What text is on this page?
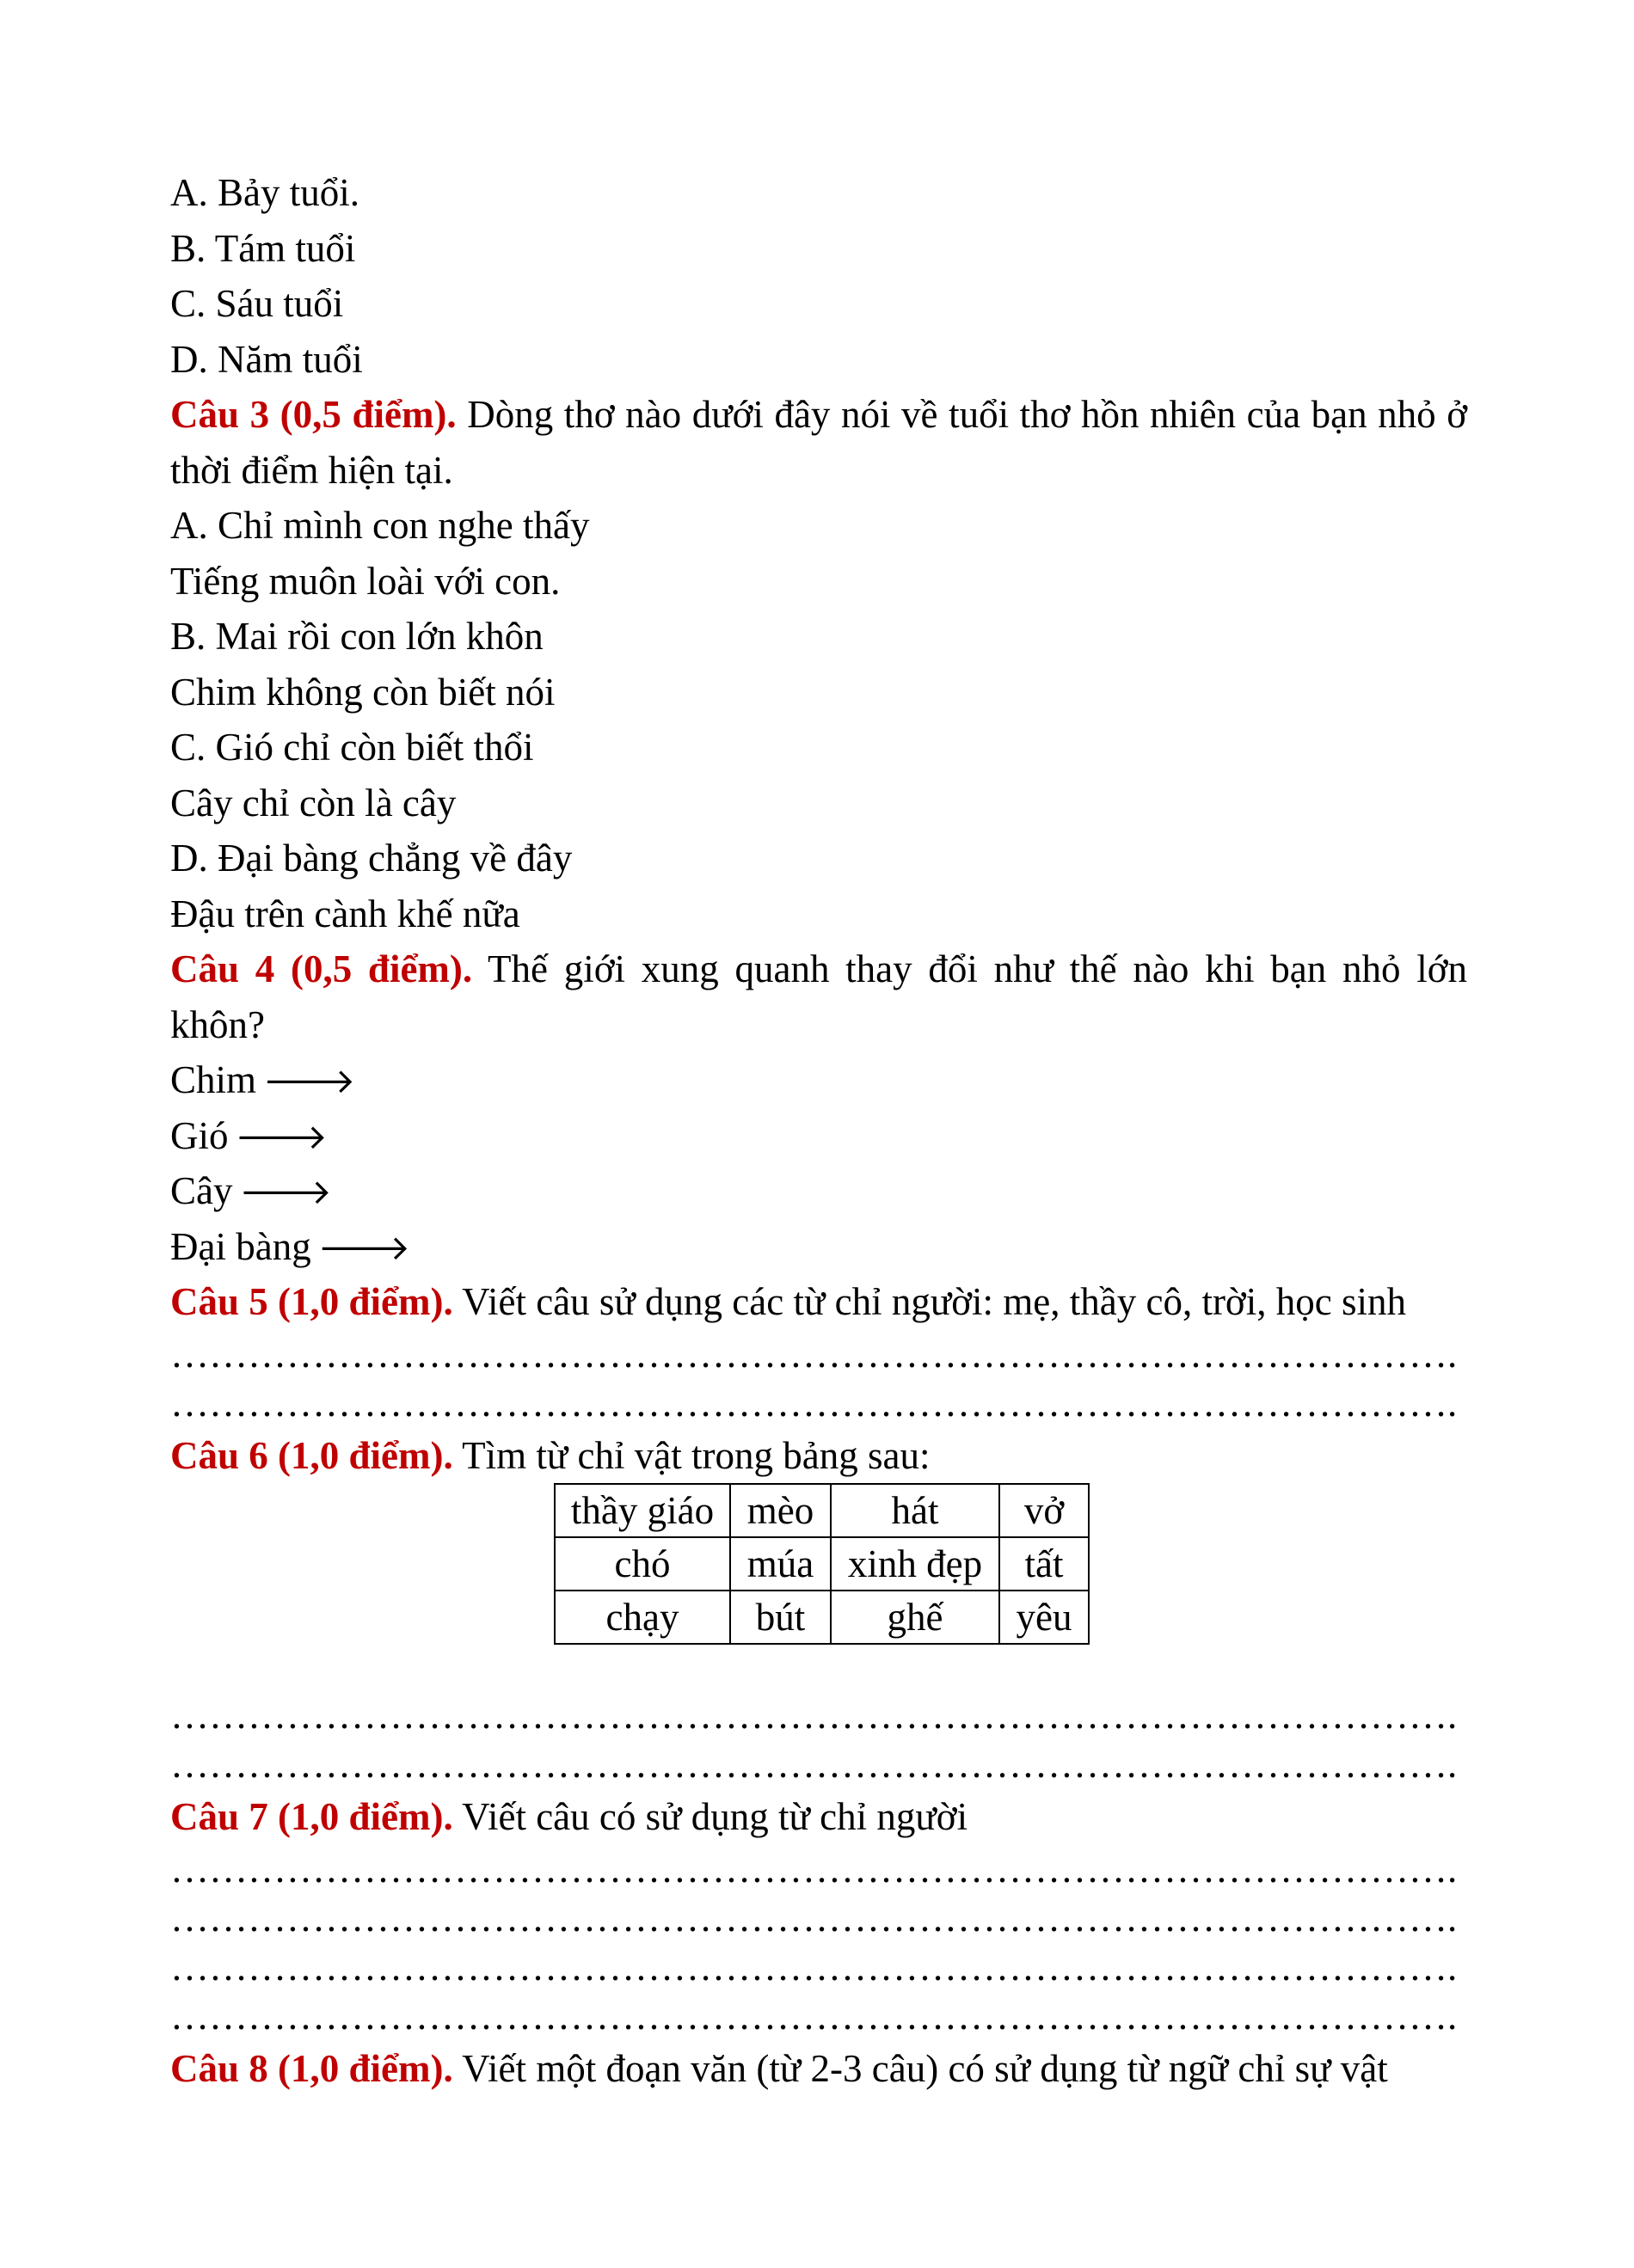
A. Bảy tuổi.
B. Tám tuổi
C. Sáu tuổi
D. Năm tuổi
Câu 3 (0,5 điểm). Dòng thơ nào dưới đây nói về tuổi thơ hồn nhiên của bạn nhỏ ở thời điểm hiện tại.
A. Chỉ mình con nghe thấy
Tiếng muôn loài với con.
B. Mai rồi con lớn khôn
Chim không còn biết nói
C. Gió chỉ còn biết thổi
Cây chỉ còn là cây
D. Đại bàng chẳng về đây
Đậu trên cành khế nữa
Câu 4 (0,5 điểm). Thế giới xung quanh thay đổi như thế nào khi bạn nhỏ lớn khôn?
Chim 🡒
Gió 🡒
Cây 🡒
Đại bàng 🡒
Câu 5 (1,0 điểm). Viết câu sử dụng các từ chỉ người: mẹ, thầy cô, trời, học sinh
……………………………………………………………………………………….
……………………………………………………………………………………….
Câu 6 (1,0 điểm). Tìm từ chỉ vật trong bảng sau:
thầy giáo	mèo	hát	vở
chó	múa	xinh đẹp	tất
chạy	bút	ghế	yêu
……………………………………………………………………………………….
……………………………………………………………………………………….
Câu 7 (1,0 điểm). Viết câu có sử dụng từ chỉ người
……………………………………………………………………………………….
……………………………………………………………………………………….
……………………………………………………………………………………….
……………………………………………………………………………………….
Câu 8 (1,0 điểm). Viết một đoạn văn (từ 2-3 câu) có sử dụng từ ngữ chỉ sự vật
